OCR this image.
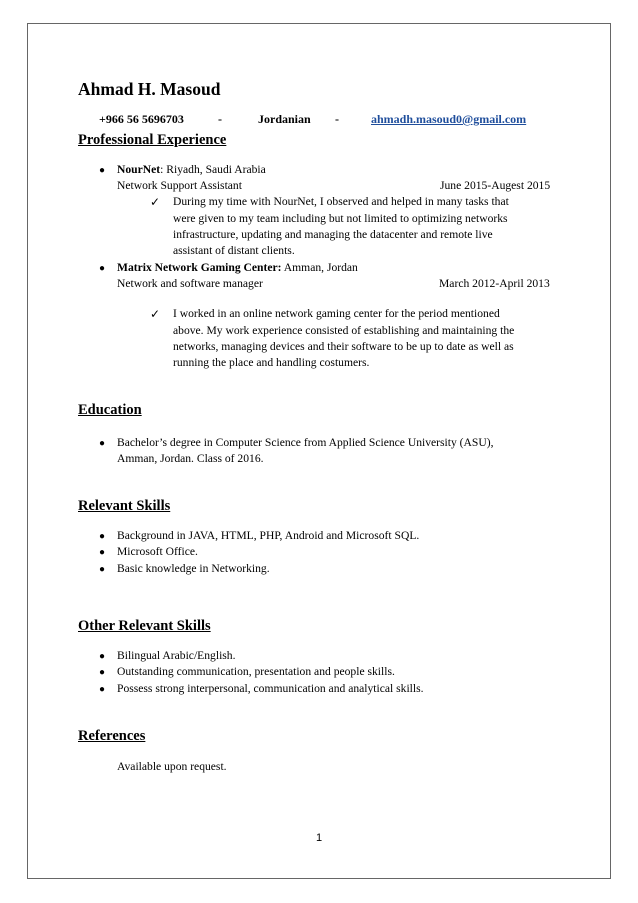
Ahmad H. Masoud
+966 56 5696703	-	Jordanian -	ahmadh.masoud0@gmail.com
Professional Experience
● NourNet: Riyadh, Saudi Arabia
Network Support Assistant	June 2015-Augest 2015
✓ During my time with NourNet, I observed and helped in many tasks that
were given to my team including but not limited to optimizing networks
infrastructure, updating and managing the datacenter and remote live
assistant of distant clients.
● Matrix Network Gaming Center: Amman, Jordan
Network and software manager	March 2012-April 2013
✓ I worked in an online network gaming center for the period mentioned
above. My work experience consisted of establishing and maintaining the
networks, managing devices and their software to be up to date as well as
running the place and handling costumers.
Education
● Bachelor’s degree in Computer Science from Applied Science University (ASU),
Amman, Jordan. Class of 2016.
Relevant Skills
● Background in JAVA, HTML, PHP, Android and Microsoft SQL.
● Microsoft Office.
● Basic knowledge in Networking.
Other Relevant Skills
● Bilingual Arabic/English.
● Outstanding communication, presentation and people skills.
● Possess strong interpersonal, communication and analytical skills.
References
Available upon request.
1
